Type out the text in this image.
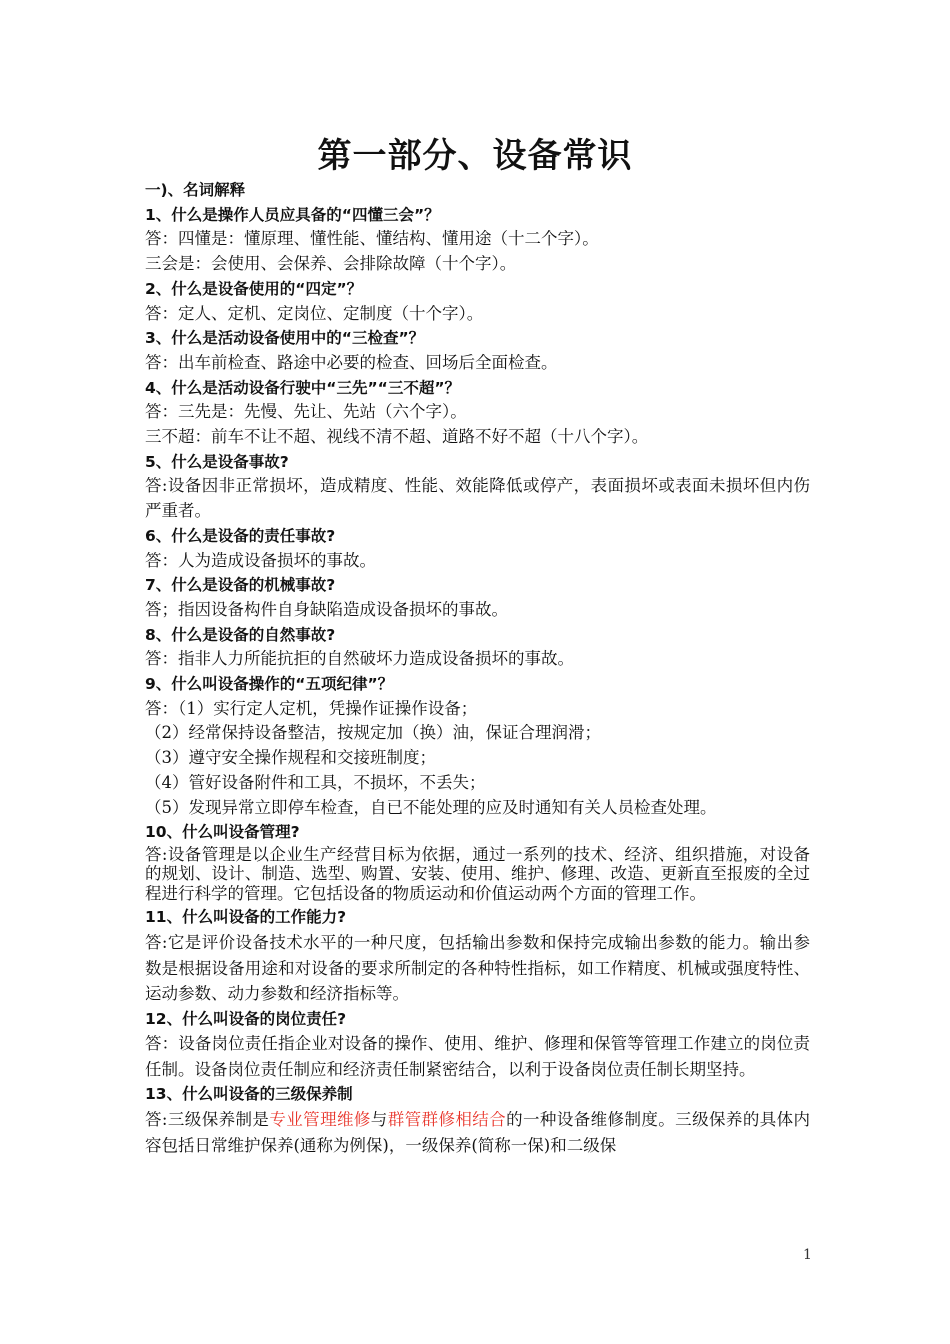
第一部分、设备常识
一)、名词解释
1、什么是操作人员应具备的“四懂三会”？
答：四懂是：懂原理、懂性能、懂结构、懂用途（十二个字）。
三会是：会使用、会保养、会排除故障（十个字）。
2、什么是设备使用的“四定”？
答：定人、定机、定岗位、定制度（十个字）。
3、什么是活动设备使用中的“三检查”？
答：出车前检查、路途中必要的检查、回场后全面检查。
4、什么是活动设备行驶中“三先”“三不超”？
答：三先是：先慢、先让、先站（六个字）。
三不超：前车不让不超、视线不清不超、道路不好不超（十八个字）。
5、什么是设备事故?
答:设备因非正常损坏，造成精度、性能、效能降低或停产，表面损坏或表面未损坏但内伤严重者。
6、什么是设备的责任事故?
答：人为造成设备损坏的事故。
7、什么是设备的机械事故?
答；指因设备构件自身缺陷造成设备损坏的事故。
8、什么是设备的自然事故?
答：指非人力所能抗拒的自然破坏力造成设备损坏的事故。
9、什么叫设备操作的“五项纪律”？
答：（1）实行定人定机，凭操作证操作设备；
（2）经常保持设备整洁，按规定加（换）油，保证合理润滑；
（3）遵守安全操作规程和交接班制度；
（4）管好设备附件和工具，不损坏，不丢失；
（5）发现异常立即停车检查，自已不能处理的应及时通知有关人员检查处理。
10、什么叫设备管理?
答:设备管理是以企业生产经营目标为依据，通过一系列的技术、经济、组织措施，对设备的规划、设计、制造、选型、购置、安装、使用、维护、修理、改造、更新直至报废的全过程进行科学的管理。它包括设备的物质运动和价值运动两个方面的管理工作。
11、什么叫设备的工作能力?
答:它是评价设备技术水平的一种尺度，包括输出参数和保持完成输出参数的能力。输出参数是根据设备用途和对设备的要求所制定的各种特性指标，如工作精度、机械或强度特性、运动参数、动力参数和经济指标等。
12、什么叫设备的岗位责任?
答：设备岗位责任指企业对设备的操作、使用、维护、修理和保管等管理工作建立的岗位责任制。设备岗位责任制应和经济责任制紧密结合，以利于设备岗位责任制长期坚持。
13、什么叫设备的三级保养制
答:三级保养制是专业管理维修与群管群修相结合的一种设备维修制度。三级保养的具体内容包括日常维护保养(通称为例保)，一级保养(简称一保)和二级保
1
